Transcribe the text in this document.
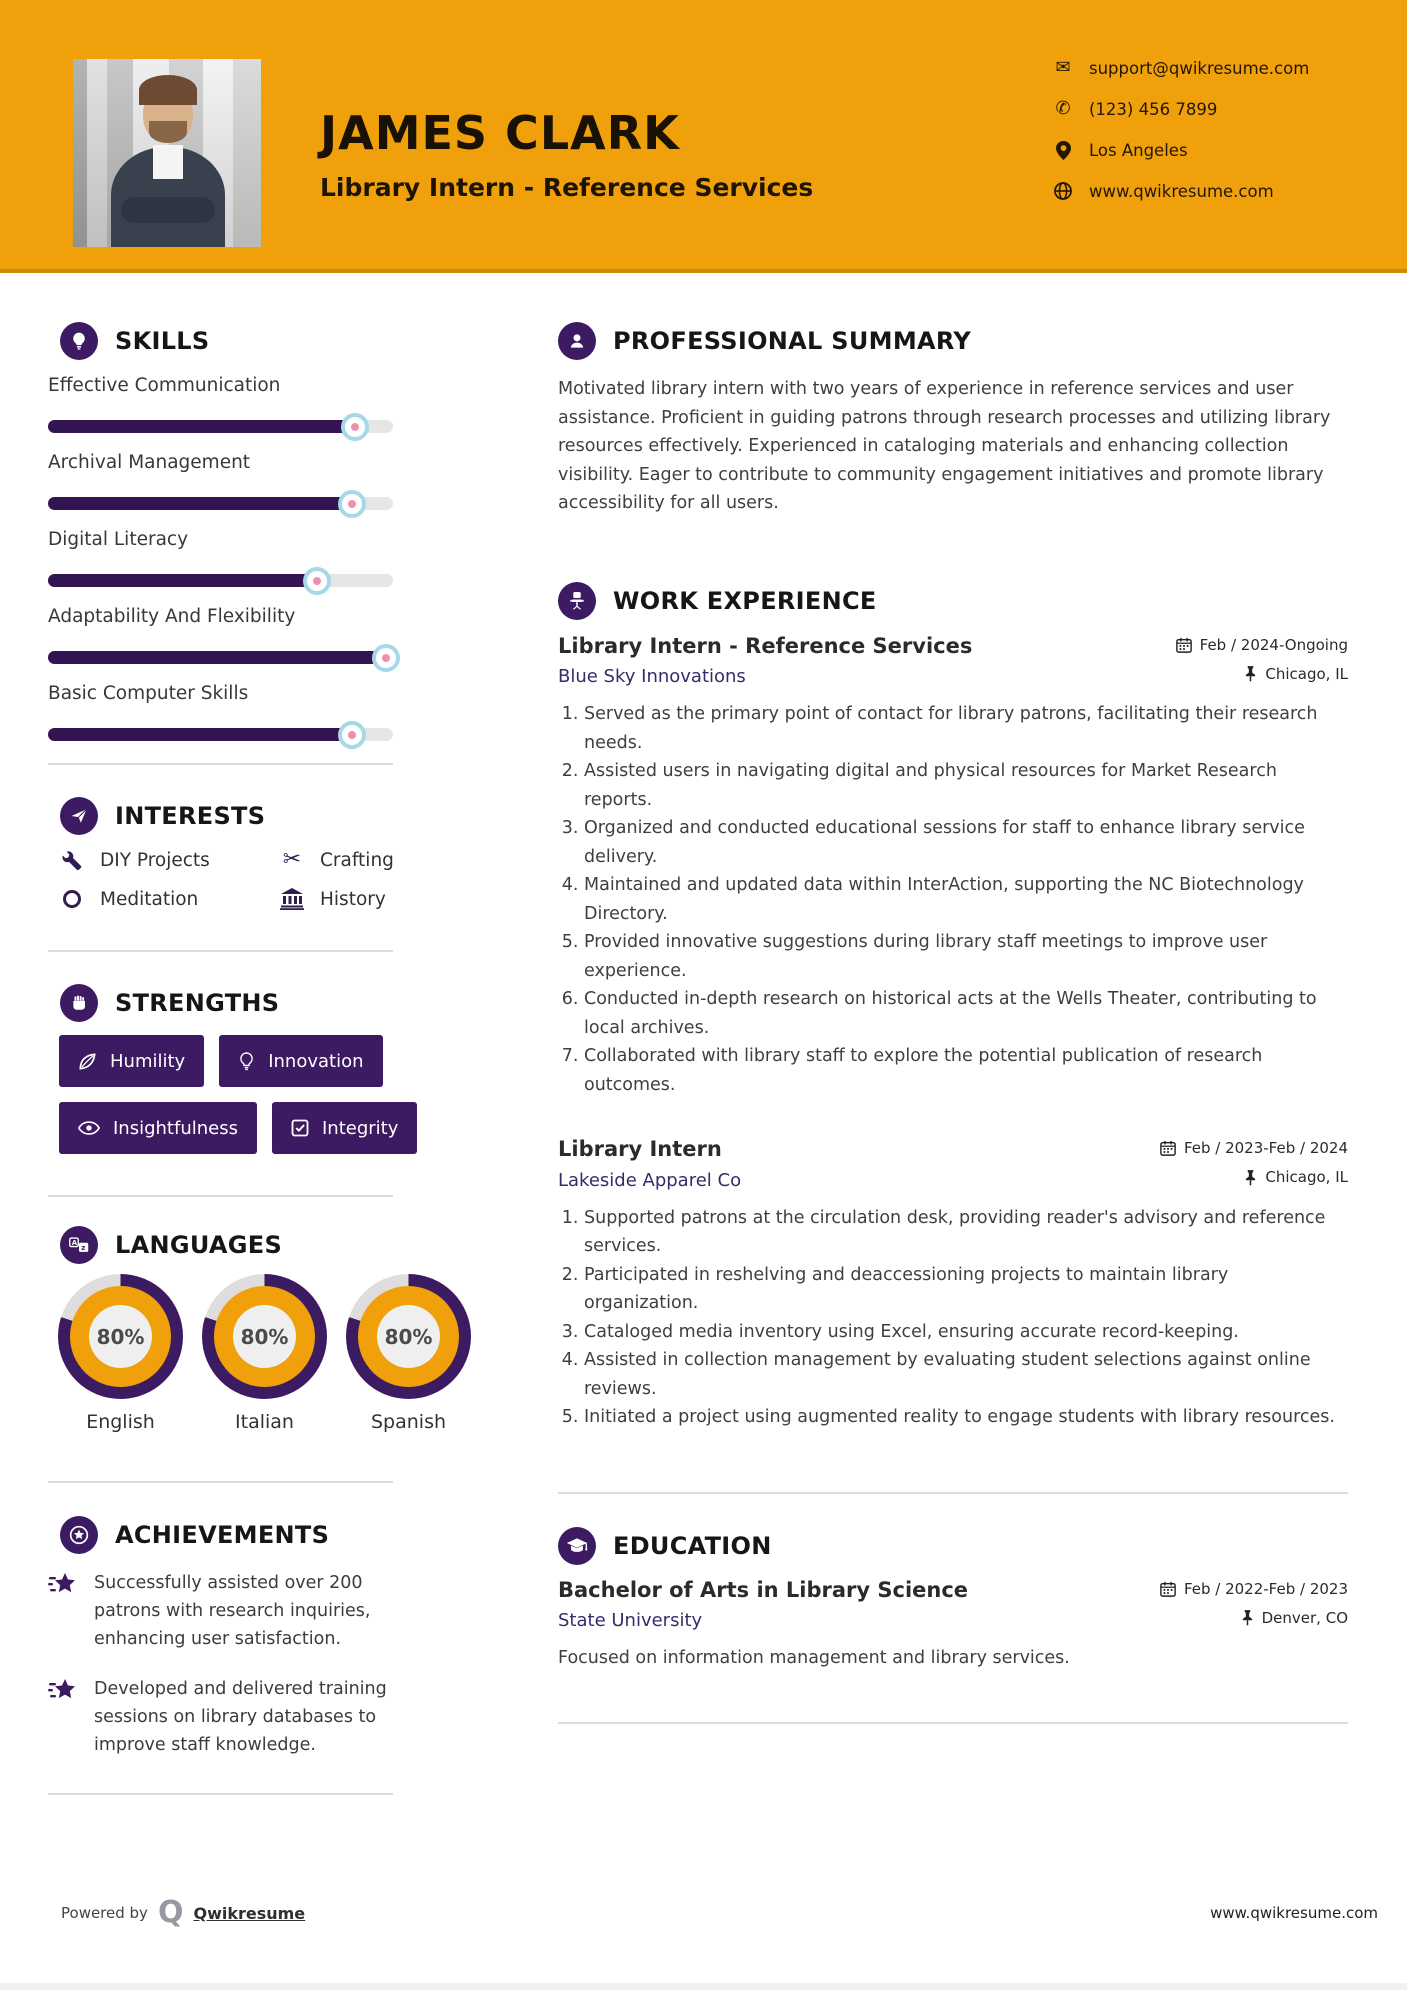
JAMES CLARK
Library Intern - Reference Services
✉ support@qwikresume.com
✆ (123) 456 7899
Los Angeles
www.qwikresume.com
SKILLS
Effective Communication
Archival Management
Digital Literacy
Adaptability And Flexibility
Basic Computer Skills
INTERESTS
DIY Projects	✂ Crafting
Meditation	History
STRENGTHS
Humility	Innovation
Insightfulness	Integrity
A
z LANGUAGES
80%
English
80%
Italian
80%
Spanish
ACHIEVEMENTS
Successfully assisted over 200 patrons with research inquiries, enhancing user satisfaction.
Developed and delivered training sessions on library databases to improve staff knowledge.
PROFESSIONAL SUMMARY

Motivated library intern with two years of experience in reference services and user assistance. Proficient in guiding patrons through research processes and utilizing library resources effectively. Experienced in cataloging materials and enhancing collection visibility. Eager to contribute to community engagement initiatives and promote library accessibility for all users.

WORK EXPERIENCE
Library Intern - Reference Services	Feb / 2024-Ongoing
Blue Sky Innovations	Chicago, IL
1. Served as the primary point of contact for library patrons, facilitating their research needs.
2. Assisted users in navigating digital and physical resources for Market Research reports.
3. Organized and conducted educational sessions for staff to enhance library service delivery.
4. Maintained and updated data within InterAction, supporting the NC Biotechnology Directory.
5. Provided innovative suggestions during library staff meetings to improve user experience.
6. Conducted in-depth research on historical acts at the Wells Theater, contributing to local archives.
7. Collaborated with library staff to explore the potential publication of research outcomes.
Library Intern	Feb / 2023-Feb / 2024
Lakeside Apparel Co	Chicago, IL
1. Supported patrons at the circulation desk, providing reader's advisory and reference services.
2. Participated in reshelving and deaccessioning projects to maintain library organization.
3. Cataloged media inventory using Excel, ensuring accurate record-keeping.
4. Assisted in collection management by evaluating student selections against online reviews.
5. Initiated a project using augmented reality to engage students with library resources.
EDUCATION
Bachelor of Arts in Library Science	Feb / 2022-Feb / 2023
State University	Denver, CO

Focused on information management and library services.

Powered by Q Qwikresume	www.qwikresume.com
